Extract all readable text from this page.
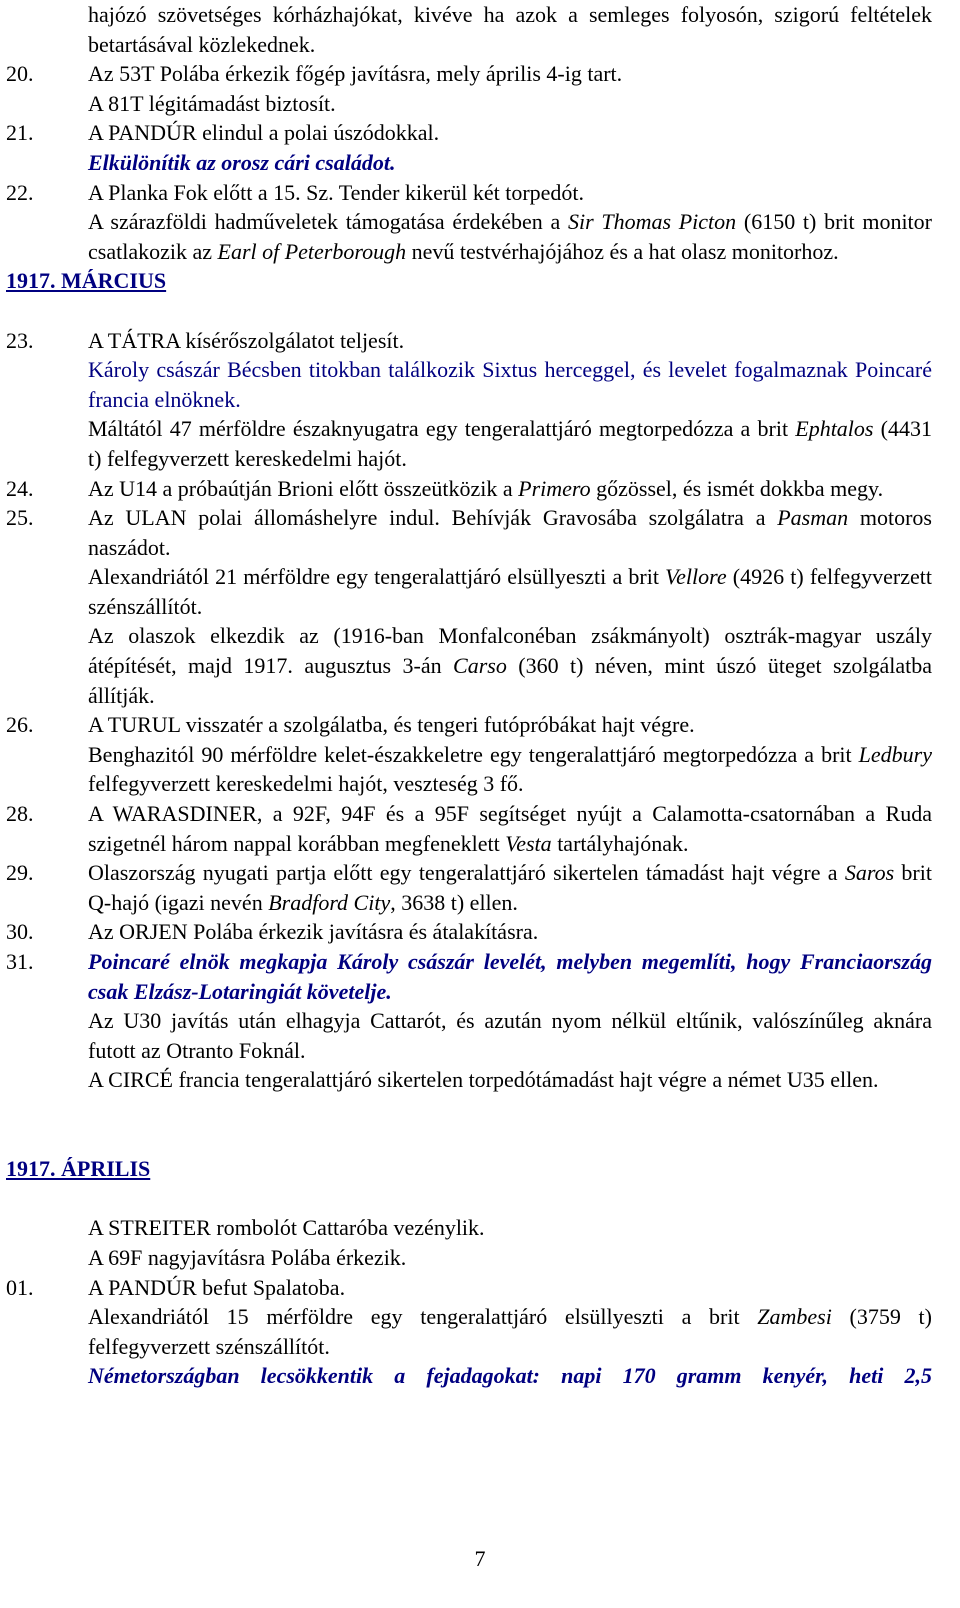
hajózó szövetséges kórházhajókat, kivéve ha azok a semleges folyosón, szigorú feltételek betartásával közlekednek.
20.	Az 53T Polába érkezik főgép javításra, mely április 4-ig tart.
A 81T légitámadást biztosít.
21.	A PANDÚR elindul a polai úszódokkal.
Elkülönítik az orosz cári családot.
22.	A Planka Fok előtt a 15. Sz. Tender kikerül két torpedót.
A szárazföldi hadműveletek támogatása érdekében a Sir Thomas Picton (6150 t) brit monitor csatlakozik az Earl of Peterborough nevű testvérhajójához és a hat olasz monitorhoz.
1917. MÁRCIUS
23.	A TÁTRA kísérőszolgálatot teljesít.
Károly császár Bécsben titokban találkozik Sixtus herceggel, és levelet fogalmaznak Poincaré francia elnöknek.
Máltától 47 mérföldre északnyugatra egy tengeralattjáró megtorpedózza a brit Ephtalos (4431 t) felfegyverzett kereskedelmi hajót.
24.	Az U14 a próbaútján Brioni előtt összeütközik a Primero gőzössel, és ismét dokkba megy.
25.	Az ULAN polai állomáshelyre indul. Behívják Gravosába szolgálatra a Pasman motoros naszádot.
Alexandriától 21 mérföldre egy tengeralattjáró elsüllyeszti a brit Vellore (4926 t) felfegyverzett szénszállítót.
Az olaszok elkezdik az (1916-ban Monfalconéban zsákmányolt) osztrák-magyar uszály átépítését, majd 1917. augusztus 3-án Carso (360 t) néven, mint úszó üteget szolgálatba állítják.
26.	A TURUL visszatér a szolgálatba, és tengeri futópróbákat hajt végre.
Benghazitól 90 mérföldre kelet-északkeletre egy tengeralattjáró megtorpedózza a brit Ledbury felfegyverzett kereskedelmi hajót, veszteség 3 fő.
28.	A WARASDINER, a 92F, 94F és a 95F segítséget nyújt a Calamotta-csatornában a Ruda szigetnél három nappal korábban megfeneklett Vesta tartályhajónak.
29.	Olaszország nyugati partja előtt egy tengeralattjáró sikertelen támadást hajt végre a Saros brit Q-hajó (igazi nevén Bradford City, 3638 t) ellen.
30.	Az ORJEN Polába érkezik javításra és átalakításra.
31.	Poincaré elnök megkapja Károly császár levelét, melyben megemlíti, hogy Franciaország csak Elzász-Lotaringiát követelje.
Az U30 javítás után elhagyja Cattarót, és azután nyom nélkül eltűnik, valószínűleg aknára futott az Otranto Foknál.
A CIRCÉ francia tengeralattjáró sikertelen torpedótámadást hajt végre a német U35 ellen.
1917. ÁPRILIS
A STREITER rombolót Cattaróba vezénylik.
A 69F nagyjavításra Polába érkezik.
01.	A PANDÚR befut Spalatoba.
Alexandriától 15 mérföldre egy tengeralattjáró elsüllyeszti a brit Zambesi (3759 t) felfegyverzett szénszállítót.
Németországban lecsökkentik a fejadagokat: napi 170 gramm kenyér, heti 2,5
7
